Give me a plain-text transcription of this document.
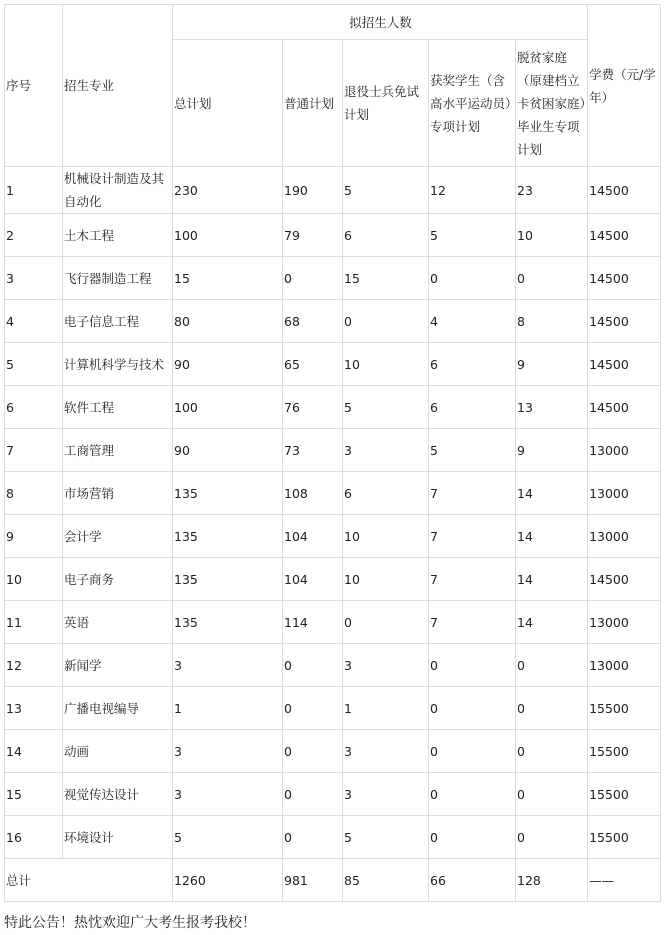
序号	招生专业	拟招生人数					学费（元/学年）
		总计划	普通计划	退役士兵免试计划	获奖学生（含高水平运动员）专项计划	脱贫家庭（原建档立卡贫困家庭）毕业生专项计划	
1	机械设计制造及其自动化	230	190	5	12	23	14500
2	土木工程	100	79	6	5	10	14500
3	飞行器制造工程	15	0	15	0	0	14500
4	电子信息工程	80	68	0	4	8	14500
5	计算机科学与技术	90	65	10	6	9	14500
6	软件工程	100	76	5	6	13	14500
7	工商管理	90	73	3	5	9	13000
8	市场营销	135	108	6	7	14	13000
9	会计学	135	104	10	7	14	13000
10	电子商务	135	104	10	7	14	14500
11	英语	135	114	0	7	14	13000
12	新闻学	3	0	3	0	0	13000
13	广播电视编导	1	0	1	0	0	15500
14	动画	3	0	3	0	0	15500
15	视觉传达设计	3	0	3	0	0	15500
16	环境设计	5	0	5	0	0	15500
总计		1260	981	85	66	128	——
特此公告！热忱欢迎广大考生报考我校！
